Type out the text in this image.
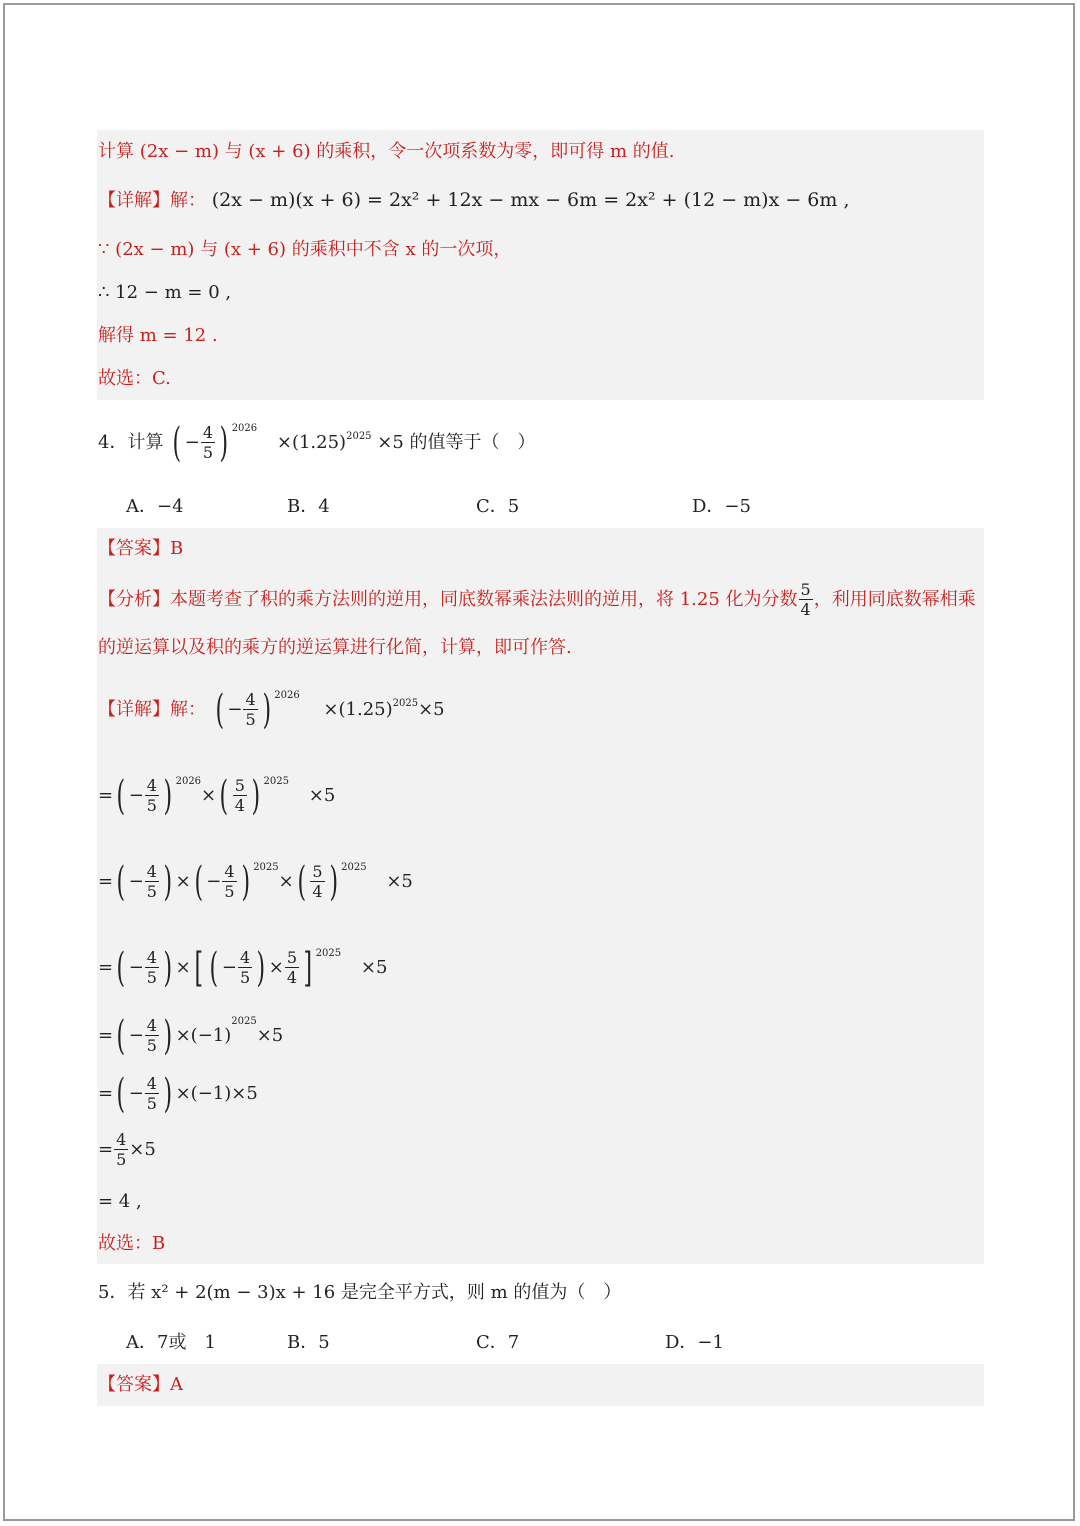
计算 (2x − m) 与 (x + 6) 的乘积，令一次项系数为零，即可得 m 的值.
【详解】解： (2x − m)(x + 6) = 2x² + 12x − mx − 6m = 2x² + (12 − m)x − 6m ,
∵ (2x − m) 与 (x + 6) 的乘积中不含 x 的一次项，
∴ 12 − m = 0 ,
解得 m = 12 .
故选：C.
4．计算 ( − $\frac{4}{5}$ ) $^{2026} \times(1.25)^{2025} \times 5$ 的值等于（　）
A．−4	B．4	C．5	D．−5
【答案】B
【分析】本题考查了积的乘方法则的逆用，同底数幂乘法法则的逆用，将 1.25 化为分数 $\frac{5}{4}$ ，利用同底数幂相乘
的逆运算以及积的乘方的逆运算进行化简，计算，即可作答.
【详解】解： ( − $\frac{4}{5}$ ) $^{2026} \times(1.25)^{2025}\times 5$
=( − $\frac{4}{5}$ ) $^{2026}\times( \frac{5}{4}$ ) $^{2025}$ ×5
=( − $\frac{4}{5}$ ) ×( − $\frac{4}{5}$ ) $^{2025}\times( \frac{5}{4}$ ) $^{2025}$ ×5
=( − $\frac{4}{5}$ ) ×[ ( − $\frac{4}{5}$ ) × $\frac{5}{4}$ ] $^{2025}$ ×5
=( − $\frac{4}{5}$ ) $\times(-1)^{2025}\times 5$
=( − $\frac{4}{5}$ ) ×(−1)×5
= $\frac{4}{5} \times 5$
= 4 ,
故选：B
5．若 x² + 2(m − 3)x + 16 是完全平方式，则 m 的值为（　）
A．7或　1	B．5	C．7	D．−1
【答案】A
